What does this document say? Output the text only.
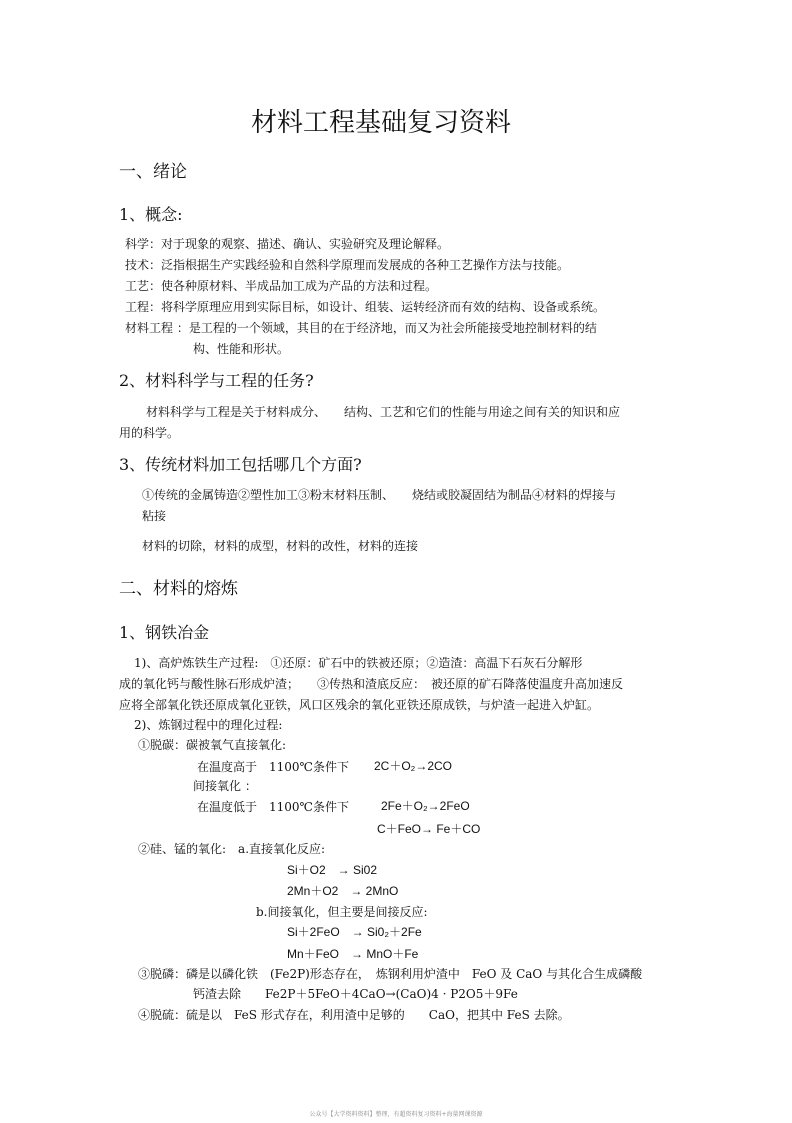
材料工程基础复习资料
一、绪论
1、概念:
科学：对于现象的观察、描述、确认、实验研究及理论解释。
技术：泛指根据生产实践经验和自然科学原理而发展成的各种工艺操作方法与技能。
工艺：使各种原材料、半成品加工成为产品的方法和过程。
工程：将科学原理应用到实际目标，如设计、组装、运转经济而有效的结构、设备或系统。
材料工程 ：是工程的一个领域，其目的在于经济地，而又为社会所能接受地控制材料的结
构、性能和形状。
2、材料科学与工程的任务?
材料科学与工程是关于材料成分、　　结构、工艺和它们的性能与用途之间有关的知识和应
用的科学。
3、传统材料加工包括哪几个方面?
①传统的金属铸造②塑性加工③粉末材料压制、　　烧结或胶凝固结为制品④材料的焊接与
粘接
材料的切除，材料的成型，材料的改性，材料的连接
二、材料的熔炼
1、钢铁冶金
1)、高炉炼铁生产过程:　①还原：矿石中的铁被还原；②造渣：高温下石灰石分解形
成的氧化钙与酸性脉石形成炉渣；　　③传热和渣底反应：　被还原的矿石降落使温度升高加速反
应将全部氧化铁还原成氧化亚铁，风口区残余的氧化亚铁还原成铁，与炉渣一起进入炉缸。
2)、炼钢过程中的理化过程:
①脱碳：碳被氧气直接氧化:
在温度高于　1100℃条件下 2C＋O₂→2CO
间接氧化 ：
在温度低于　1100℃条件下	2Fe＋O₂→2FeO
C＋FeO→ Fe＋CO
②硅、锰的氧化:　a.直接氧化反应:
Si＋O2　→ Si02
2Mn＋O2　→ 2MnO
b.间接氧化，但主要是间接反应:
Si＋2FeO　→ Si0₂＋2Fe
Mn＋FeO　→ MnO＋Fe
③脱磷：磷是以磷化铁　(Fe2P)形态存在，　炼钢利用炉渣中　FeO 及 CaO 与其化合生成磷酸
钙渣去除　　Fe2P＋5FeO＋4CaO→(CaO)4 · P2O5＋9Fe
④脱硫：硫是以　FeS 形式存在，利用渣中足够的　　CaO，把其中 FeS 去除。
公众号【大学资料资料】整理，有超资料复习资料+海量网课资源
